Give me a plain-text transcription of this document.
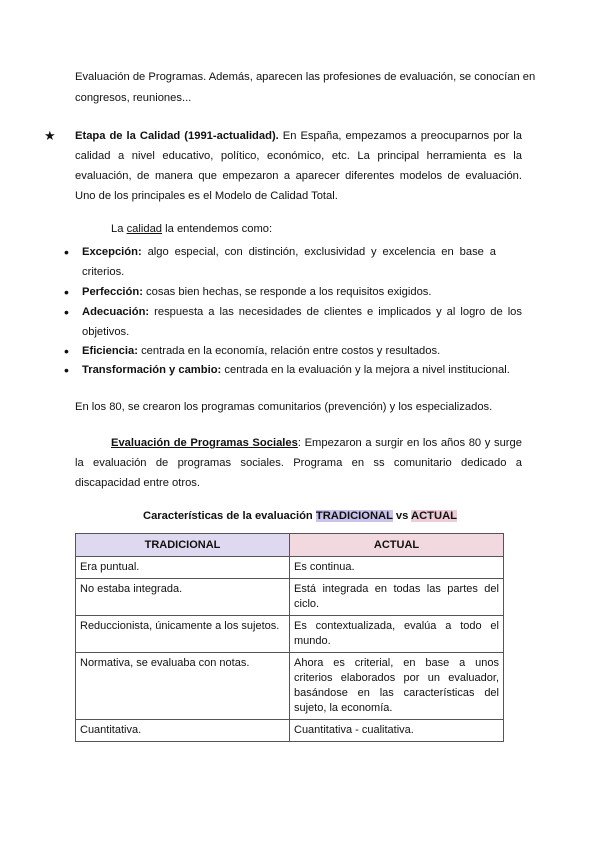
Evaluación de Programas. Además, aparecen las profesiones de evaluación, se conocían en

congresos, reuniones...

★ Etapa de la Calidad (1991-actualidad). En España, empezamos a preocuparnos por la calidad a nivel educativo, político, económico, etc. La principal herramienta es la evaluación, de manera que empezaron a aparecer diferentes modelos de evaluación. Uno de los principales es el Modelo de Calidad Total.

La calidad la entendemos como:

• Excepción: algo especial, con distinción, exclusividad y excelencia en base a criterios.

• Perfección: cosas bien hechas, se responde a los requisitos exigidos.

• Adecuación: respuesta a las necesidades de clientes e implicados y al logro de los objetivos.

• Eficiencia: centrada en la economía, relación entre costos y resultados.

• Transformación y cambio: centrada en la evaluación y la mejora a nivel institucional.

En los 80, se crearon los programas comunitarios (prevención) y los especializados.

Evaluación de Programas Sociales: Empezaron a surgir en los años 80 y surge la evaluación de programas sociales. Programa en ss comunitario dedicado a discapacidad entre otros.

Características de la evaluación TRADICIONAL vs ACTUAL
TRADICIONAL	ACTUAL
Era puntual.	Es continua.
No estaba integrada.	Está integrada en todas las partes del ciclo.
Reduccionista, únicamente a los sujetos.	Es contextualizada, evalúa a todo el mundo.
Normativa, se evaluaba con notas.	Ahora es criterial, en base a unos criterios elaborados por un evaluador, basándose en las características del sujeto, la economía.
Cuantitativa.	Cuantitativa - cualitativa.
